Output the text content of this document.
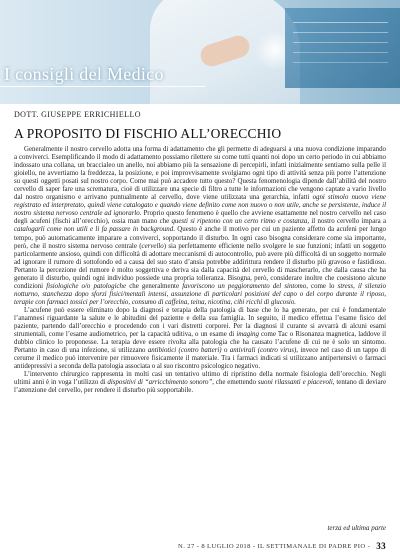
I consigli del Medico
DOTT. GIUSEPPE ERRICHIELLO
A PROPOSITO DI FISCHIO ALL’ORECCHIO

Generalmente il nostro cervello adotta una forma di adattamento che gli permette di adeguarsi a una nuova condizione imparando a conviverci. Esemplificando il modo di adattamento possiamo rilettere su come tutti quanti noi dopo un certo periodo in cui abbiamo indossato una collana, un braccialeo un anello, noi abbiamo più la sensazione di percepirli, infatti inizialmente sentiamo sulla pelle il gioiello, ne avvertiamo la freddezza, la posizione, e poi improvvisamente svolgiamo ogni tipo di attività senza più porre l’attenzione su questi oggetti posati sul nostro corpo. Come mai può accadere tutto questo? Questa fenomenologia dipende dall’abilità del nostro cervello di saper fare una scrematura, cioè di utilizzare una specie di filtro a tutte le informazioni che vengono captate a vario livello dal nostro organismo e arrivano puntualmente al cervello, dove viene utilizzata una gerarchia, infatti ogni stimolo nuovo viene registrato ed interpretato, quindi viene catalogato e quando viene definito come non nuovo o non utile, anche se persistente, induce il nostro sistema nervoso centrale ad ignorarlo. Proprio questo fenomeno è quello che avviene esattamente nel nostro cervello nel caso degli acufeni (fischi all’orecchio), ossia man mano che questi si ripetono con un certo ritmo e costanza, il nostro cervello impara a catalogarli come non utili e li fa passare in background. Questo è anche il motivo per cui un paziente affetto da acufeni per lungo tempo, può automaticamente imparare a conviverci, sopportando il disturbo. In ogni caso bisogna considerare come sia importante, però, che il nostro sistema nervoso centrale (cervello) sia perfettamente efficiente nello svolgere le sue funzioni; infatti un soggetto particolarmente ansioso, quindi con difficoltà di adottare meccanismi di autocontrollo, può avere più difficoltà di un soggetto normale ad ignorare il rumore di sottofondo ed a causa del suo stato d’ansia potrebbe addirittura rendere il disturbo più gravoso e fastidioso. Pertanto la percezione del rumore è molto soggettiva e deriva sia dalla capacità del cervello di mascherarlo, che dalla causa che ha generato il disturbo, quindi ogni individuo possiede una propria tolleranza. Bisogna, però, considerare inoltre che coesistono alcune condizioni fisiologiche o/o patologiche che generalmente favoriscono un peggioramento del sintomo, come lo stress, il silenzio notturno, stanchezza dopo sforzi fisici/mentali intensi, assunzione di particolari posizioni del capo o del corpo durante il riposo, terapie con farmaci tossici per l’orecchio, consumo di caffeina, teina, nicotina, cibi ricchi di glucosio.

L’acufene può essere eliminato dopo la diagnosi e terapia della patologia di base che lo ha generato, per cui è fondamentale l’anamnesi riguardante la salute e le abitudini del paziente e della sua famiglia. In seguito, il medico effettua l’esame fisico del paziente, partendo dall’orecchio e procedendo con i vari distretti corporei. Per la diagnosi il curante si avvarrà di alcuni esami strumentali, come l’esame audiometrico, per la capacità uditiva, o un esame di imaging come Tac o Risonanza magnetica, laddove il dubbio clinico lo proponesse. La terapia deve essere rivolta alla patologia che ha causato l’acufene di cui ne è solo un sintomo. Pertanto in caso di una infezione, si utilizzano antibiotici (contro batteri) o antivirali (contro virus), invece nel caso di un tappo di cerume il medico può intervenire per rimuovere fisicamente il materiale. Tra i farmaci indicati si utilizzano antipertensivi o farmaci antidepressivi a seconda della patologia associata o al suo riscontro psicologico negativo.

L’intervento chirurgico rappresenta in molti casi un tentativo ultimo di ripristino della normale fisiologia dell’orecchio. Negli ultimi anni è in voga l’utilizzo di dispositivi di “arricchimento sonoro”, che emettendo suoni rilassanti e piacevoli, tentano di deviare l’attenzione del cervello, per rendere il disturbo più sopportabile.

terza ed ultima parte
N. 27 - 8 LUGLIO 2018 - IL SETTIMANALE DI PADRE PIO - 33
